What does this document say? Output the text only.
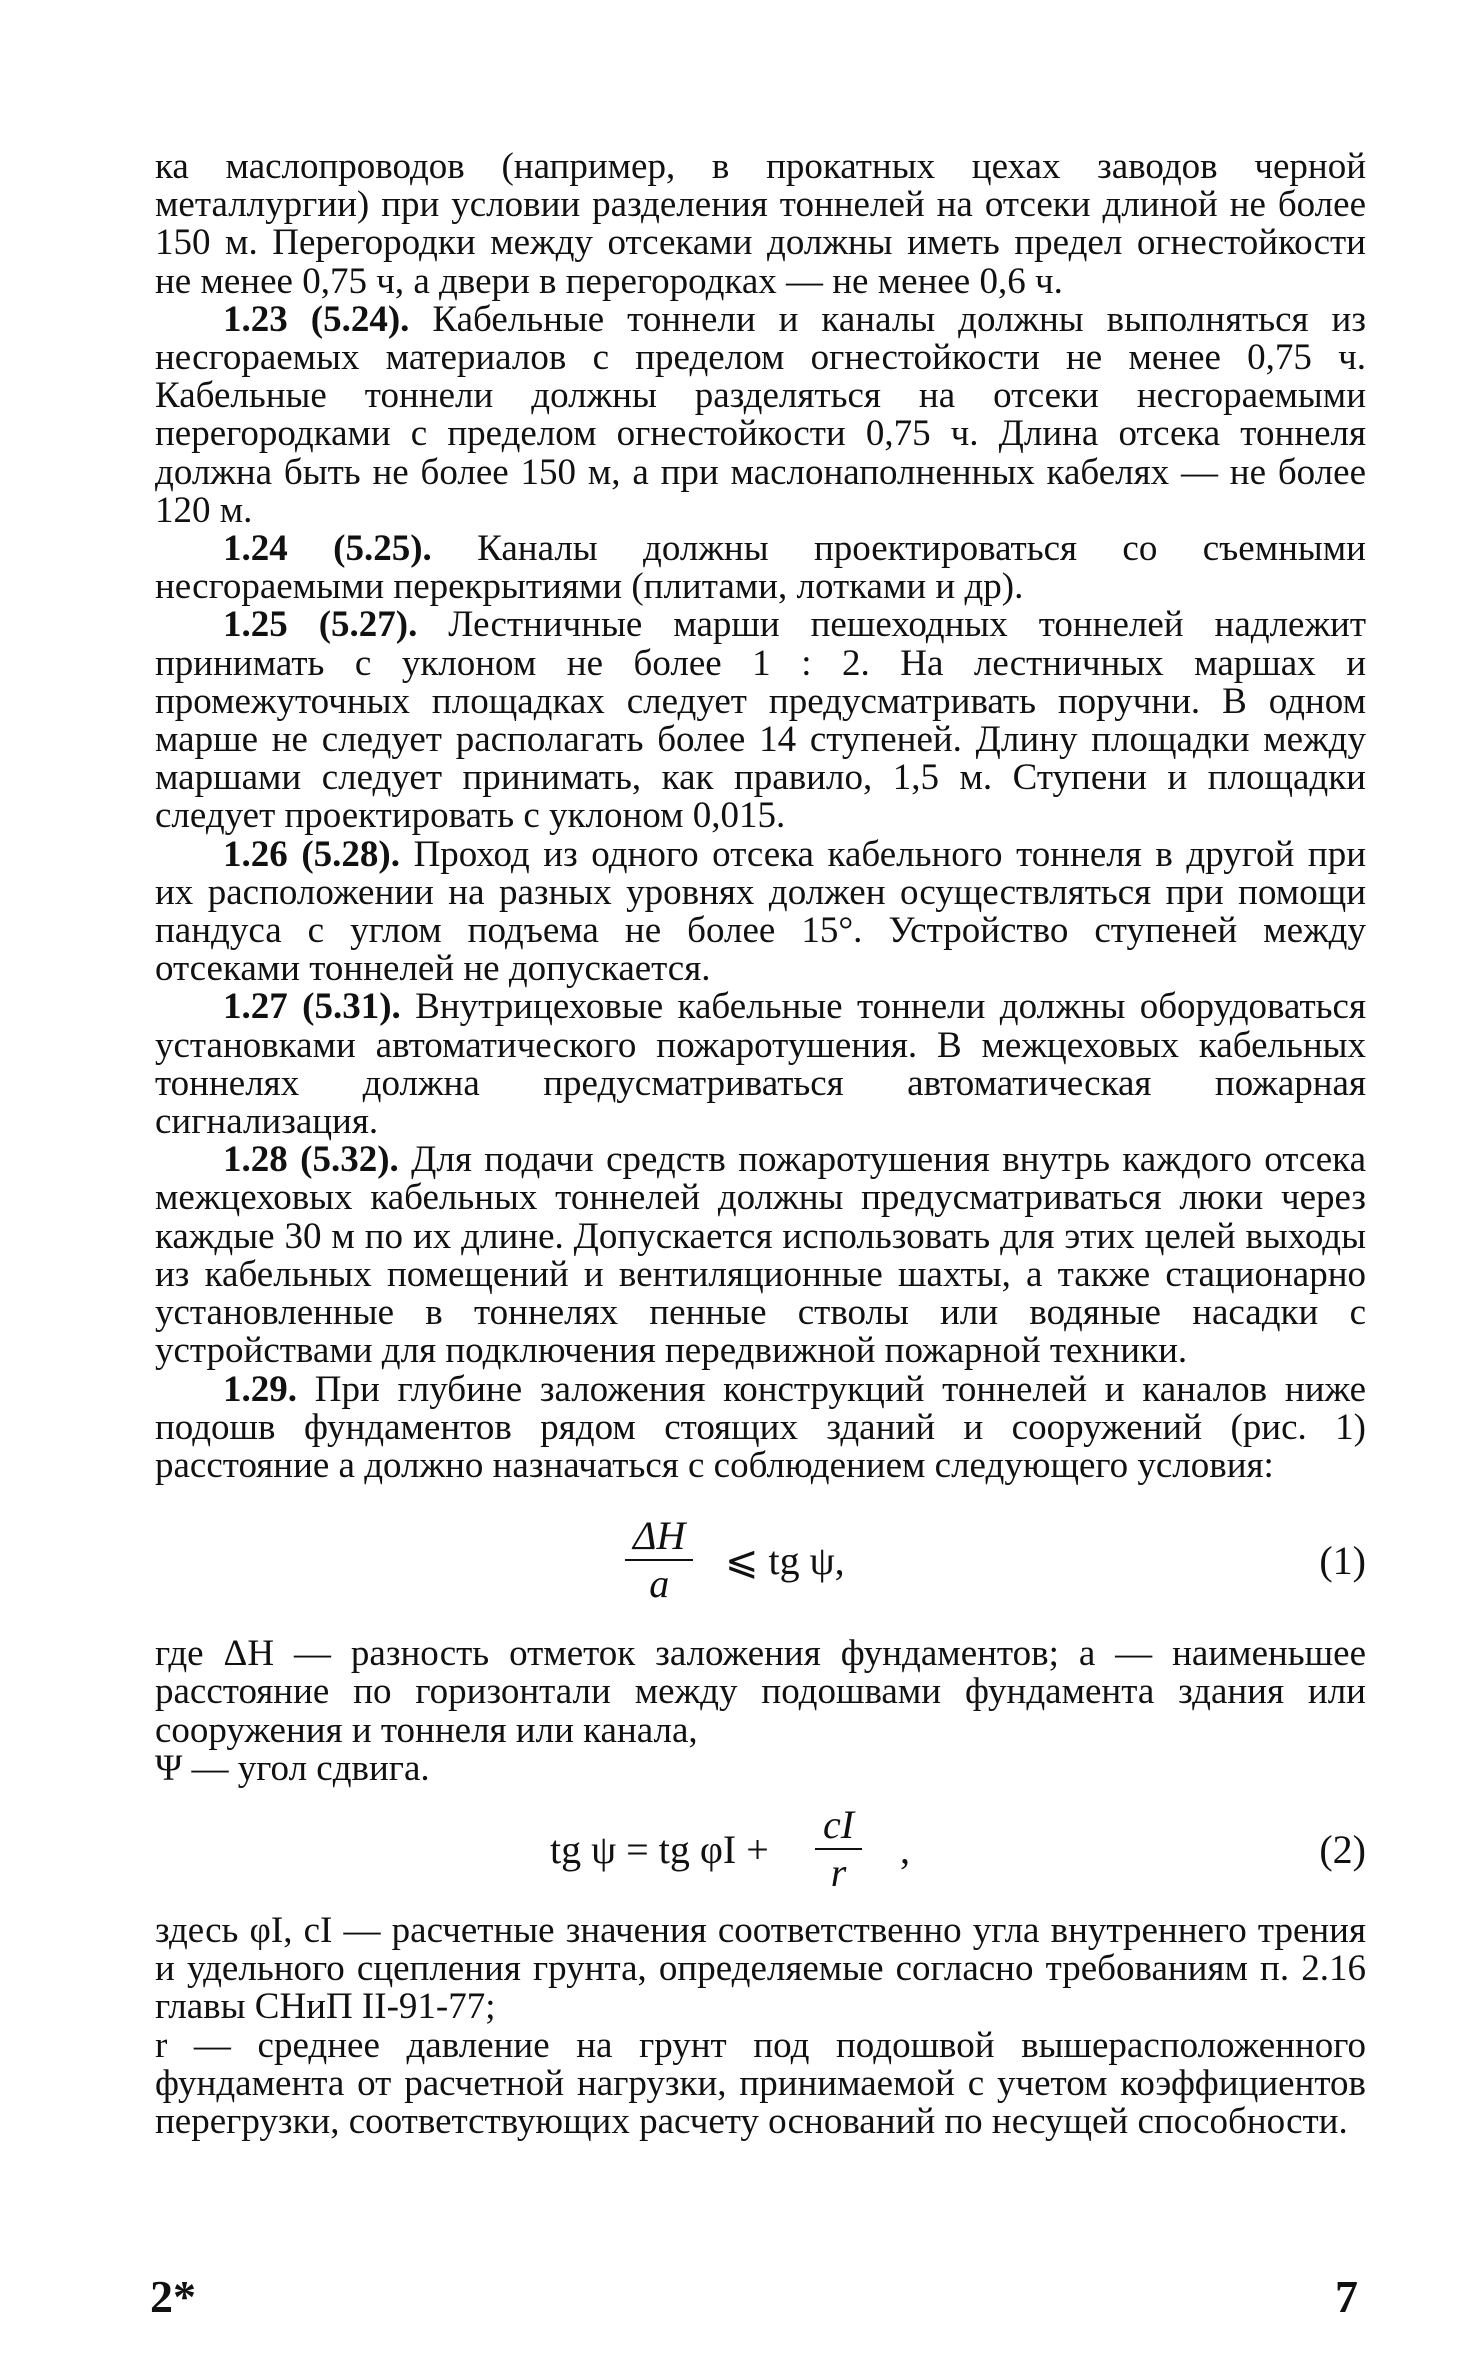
ка маслопроводов (например, в прокатных цехах заводов черной металлургии) при условии разделения тоннелей на отсеки длиной не более 150 м. Перегородки между отсеками должны иметь предел огнестойкости не менее 0,75 ч, а двери в перегородках — не менее 0,6 ч.

1.23 (5.24). Кабельные тоннели и каналы должны выполняться из несгораемых материалов с пределом огнестойкости не менее 0,75 ч. Кабельные тоннели должны разделяться на отсеки несгораемыми перегородками с пределом огнестойкости 0,75 ч. Длина отсека тоннеля должна быть не более 150 м, а при маслонаполненных кабелях — не более 120 м.

1.24 (5.25). Каналы должны проектироваться со съемными несгораемыми перекрытиями (плитами, лотками и др).

1.25 (5.27). Лестничные марши пешеходных тоннелей надлежит принимать с уклоном не более 1 : 2. На лестничных маршах и промежуточных площадках следует предусматривать поручни. В одном марше не следует располагать более 14 ступеней. Длину площадки между маршами следует принимать, как правило, 1,5 м. Ступени и площадки следует проектировать с уклоном 0,015.

1.26 (5.28). Проход из одного отсека кабельного тоннеля в другой при их расположении на разных уровнях должен осуществляться при помощи пандуса с углом подъема не более 15°. Устройство ступеней между отсеками тоннелей не допускается.

1.27 (5.31). Внутрицеховые кабельные тоннели должны оборудоваться установками автоматического пожаротушения. В межцеховых кабельных тоннелях должна предусматриваться автоматическая пожарная сигнализация.

1.28 (5.32). Для подачи средств пожаротушения внутрь каждого отсека межцеховых кабельных тоннелей должны предусматриваться люки через каждые 30 м по их длине. Допускается использовать для этих целей выходы из кабельных помещений и вентиляционные шахты, а также стационарно установленные в тоннелях пенные стволы или водяные насадки с устройствами для подключения передвижной пожарной техники.

1.29. При глубине заложения конструкций тоннелей и каналов ниже подошв фундаментов рядом стоящих зданий и сооружений (рис. 1) расстояние a должно назначаться с соблюдением следующего условия:

ΔH
a
⩽ tg ψ,	(1)

где ΔH — разность отметок заложения фундаментов; a — наименьшее расстояние по горизонтали между подошвами фундамента здания или сооружения и тоннеля или канала,

Ψ — угол сдвига.

tg ψ = tg φI +
cI
r
,	(2)

здесь φI, cI — расчетные значения соответственно угла внутреннего трения и удельного сцепления грунта, определяемые согласно требованиям п. 2.16 главы СНиП II-91-77;

r — среднее давление на грунт под подошвой вышерасположенного фундамента от расчетной нагрузки, принимаемой с учетом коэффициентов перегрузки, соответствующих расчету оснований по несущей способности.

2*	7
